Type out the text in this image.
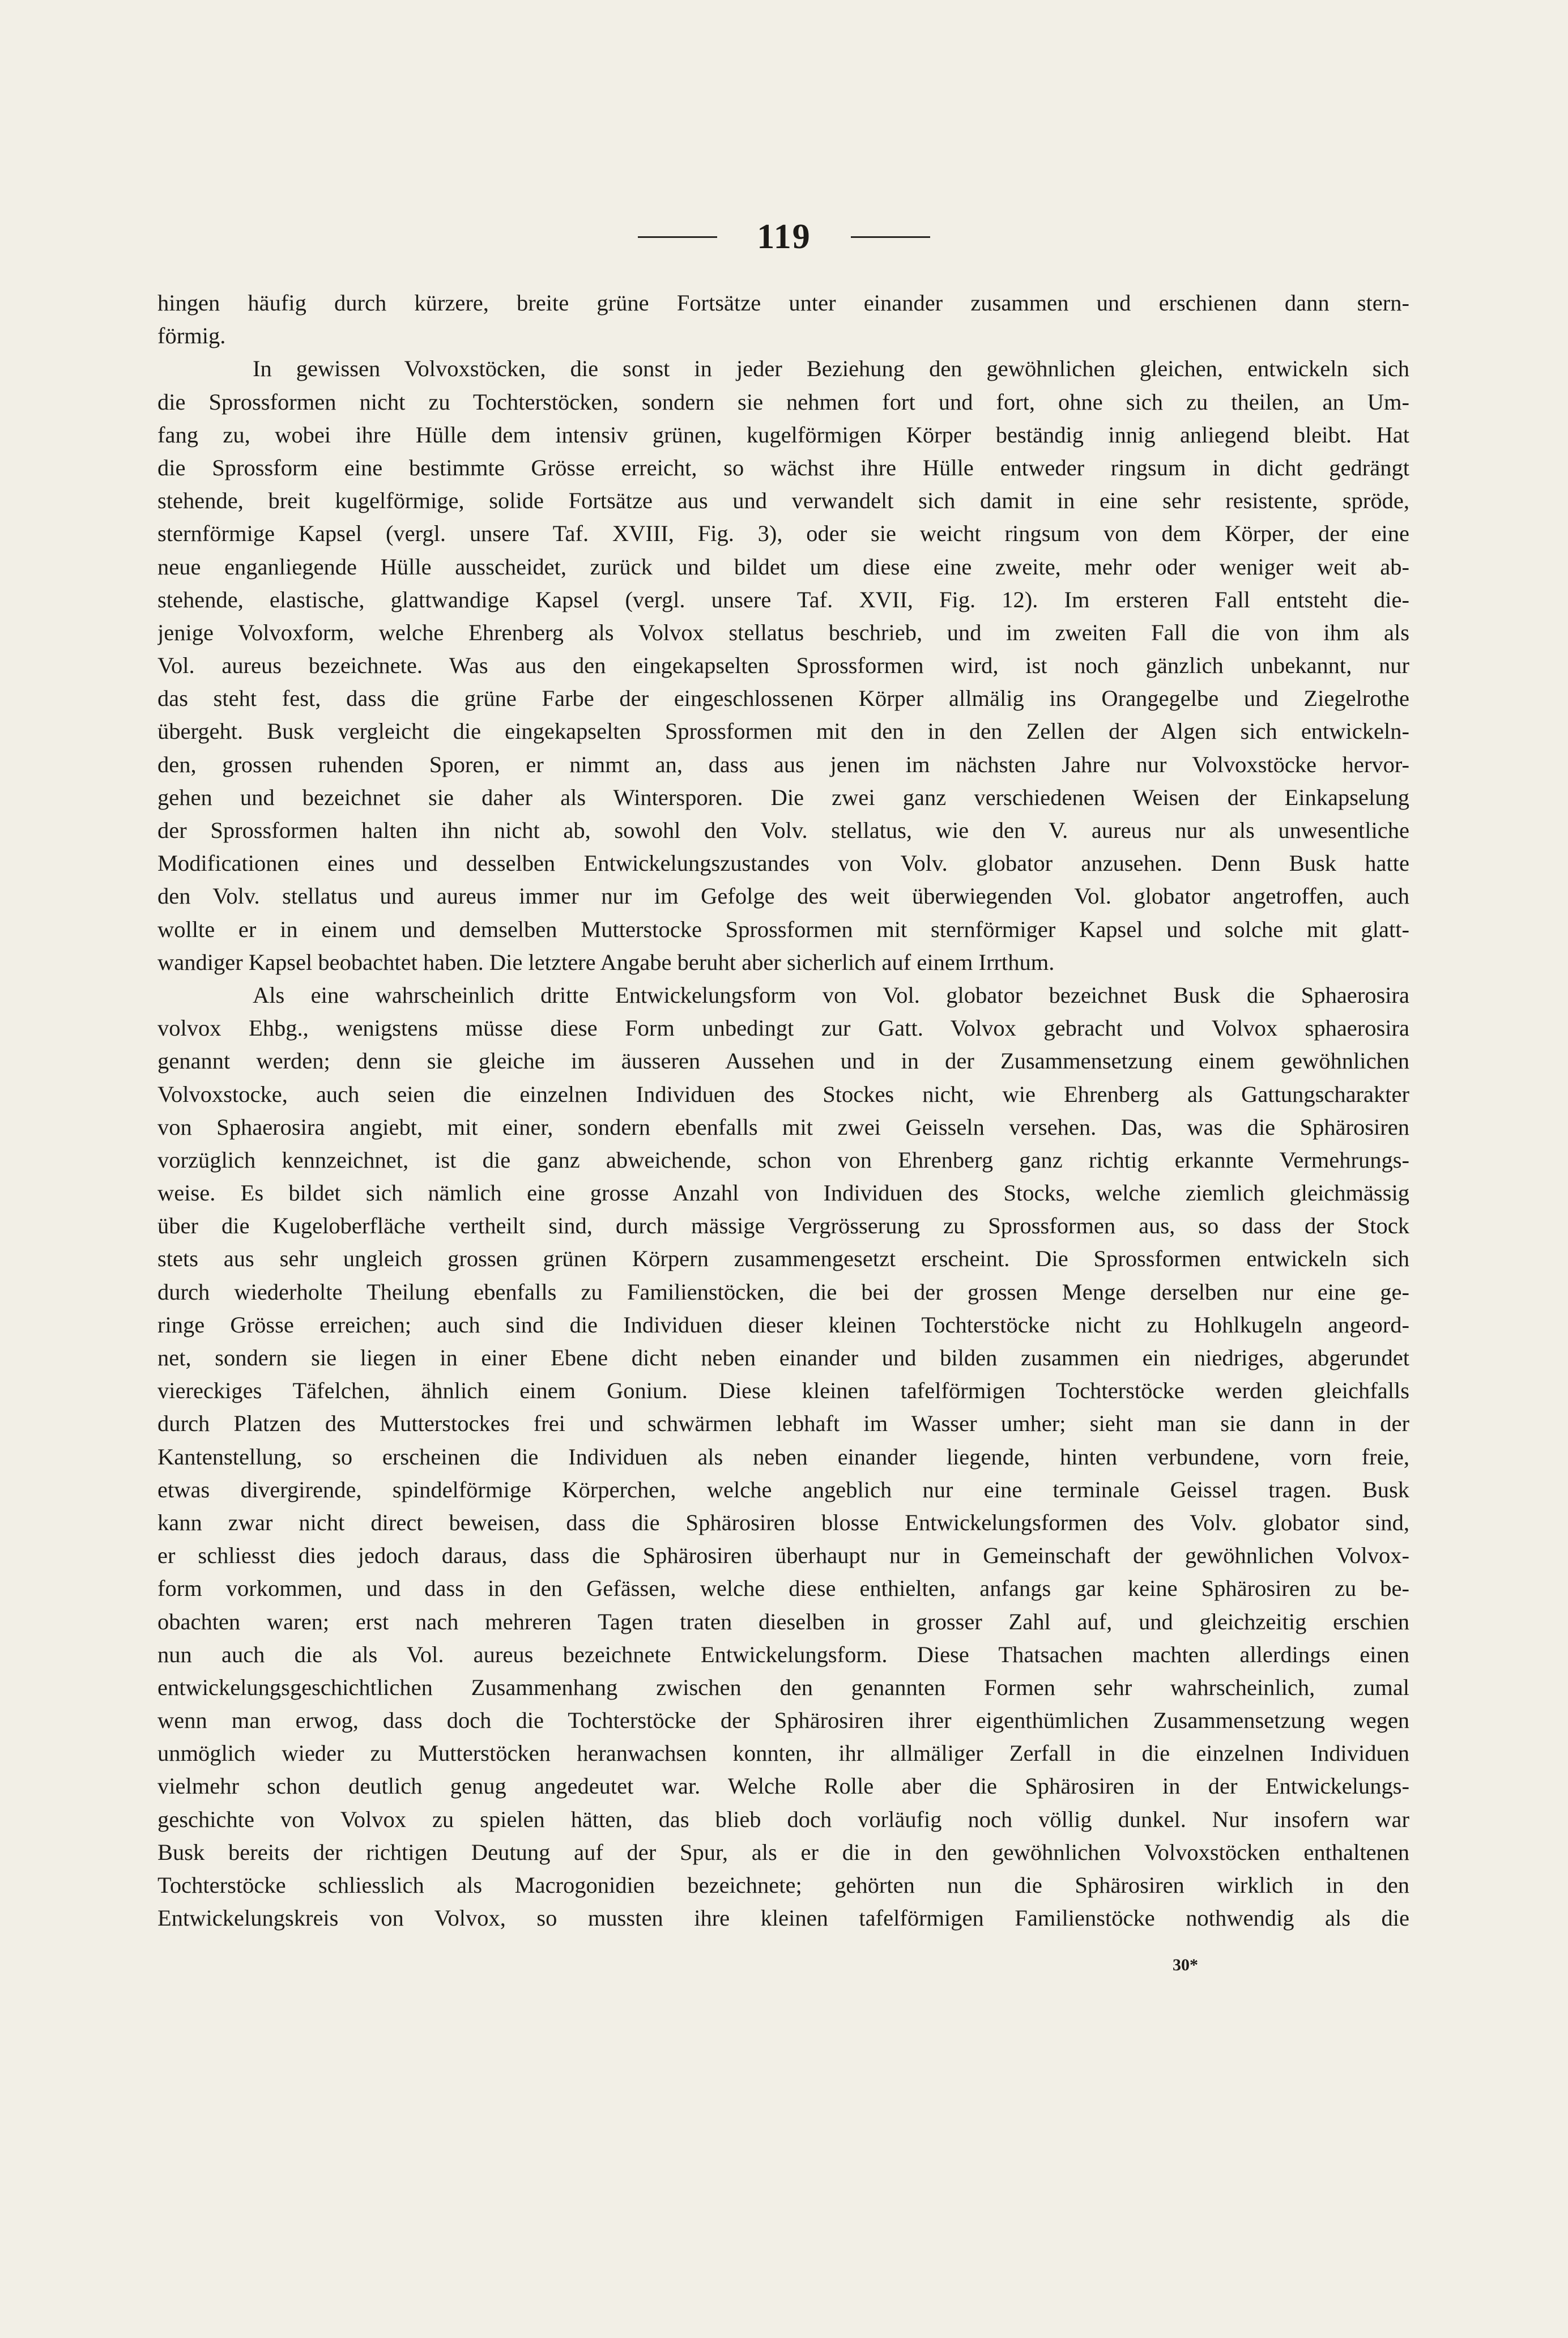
119
hingen häufig durch kürzere, breite grüne Fortsätze unter einander zusammen und erschienen dann stern-
förmig.
In gewissen Volvoxstöcken, die sonst in jeder Beziehung den gewöhnlichen gleichen, entwickeln sich
die Sprossformen nicht zu Tochterstöcken, sondern sie nehmen fort und fort, ohne sich zu theilen, an Um-
fang zu, wobei ihre Hülle dem intensiv grünen, kugelförmigen Körper beständig innig anliegend bleibt. Hat
die Sprossform eine bestimmte Grösse erreicht, so wächst ihre Hülle entweder ringsum in dicht gedrängt
stehende, breit kugelförmige, solide Fortsätze aus und verwandelt sich damit in eine sehr resistente, spröde,
sternförmige Kapsel (vergl. unsere Taf. XVIII, Fig. 3), oder sie weicht ringsum von dem Körper, der eine
neue enganliegende Hülle ausscheidet, zurück und bildet um diese eine zweite, mehr oder weniger weit ab-
stehende, elastische, glattwandige Kapsel (vergl. unsere Taf. XVII, Fig. 12). Im ersteren Fall entsteht die-
jenige Volvoxform, welche Ehrenberg als Volvox stellatus beschrieb, und im zweiten Fall die von ihm als
Vol. aureus bezeichnete. Was aus den eingekapselten Sprossformen wird, ist noch gänzlich unbekannt, nur
das steht fest, dass die grüne Farbe der eingeschlossenen Körper allmälig ins Orangegelbe und Ziegelrothe
übergeht. Busk vergleicht die eingekapselten Sprossformen mit den in den Zellen der Algen sich entwickeln-
den, grossen ruhenden Sporen, er nimmt an, dass aus jenen im nächsten Jahre nur Volvoxstöcke hervor-
gehen und bezeichnet sie daher als Wintersporen. Die zwei ganz verschiedenen Weisen der Einkapselung
der Sprossformen halten ihn nicht ab, sowohl den Volv. stellatus, wie den V. aureus nur als unwesentliche
Modificationen eines und desselben Entwickelungszustandes von Volv. globator anzusehen. Denn Busk hatte
den Volv. stellatus und aureus immer nur im Gefolge des weit überwiegenden Vol. globator angetroffen, auch
wollte er in einem und demselben Mutterstocke Sprossformen mit sternförmiger Kapsel und solche mit glatt-
wandiger Kapsel beobachtet haben. Die letztere Angabe beruht aber sicherlich auf einem Irrthum.
Als eine wahrscheinlich dritte Entwickelungsform von Vol. globator bezeichnet Busk die Sphaerosira
volvox Ehbg., wenigstens müsse diese Form unbedingt zur Gatt. Volvox gebracht und Volvox sphaerosira
genannt werden; denn sie gleiche im äusseren Aussehen und in der Zusammensetzung einem gewöhnlichen
Volvoxstocke, auch seien die einzelnen Individuen des Stockes nicht, wie Ehrenberg als Gattungscharakter
von Sphaerosira angiebt, mit einer, sondern ebenfalls mit zwei Geisseln versehen. Das, was die Sphärosiren
vorzüglich kennzeichnet, ist die ganz abweichende, schon von Ehrenberg ganz richtig erkannte Vermehrungs-
weise. Es bildet sich nämlich eine grosse Anzahl von Individuen des Stocks, welche ziemlich gleichmässig
über die Kugeloberfläche vertheilt sind, durch mässige Vergrösserung zu Sprossformen aus, so dass der Stock
stets aus sehr ungleich grossen grünen Körpern zusammengesetzt erscheint. Die Sprossformen entwickeln sich
durch wiederholte Theilung ebenfalls zu Familienstöcken, die bei der grossen Menge derselben nur eine ge-
ringe Grösse erreichen; auch sind die Individuen dieser kleinen Tochterstöcke nicht zu Hohlkugeln angeord-
net, sondern sie liegen in einer Ebene dicht neben einander und bilden zusammen ein niedriges, abgerundet
viereckiges Täfelchen, ähnlich einem Gonium. Diese kleinen tafelförmigen Tochterstöcke werden gleichfalls
durch Platzen des Mutterstockes frei und schwärmen lebhaft im Wasser umher; sieht man sie dann in der
Kantenstellung, so erscheinen die Individuen als neben einander liegende, hinten verbundene, vorn freie,
etwas divergirende, spindelförmige Körperchen, welche angeblich nur eine terminale Geissel tragen. Busk
kann zwar nicht direct beweisen, dass die Sphärosiren blosse Entwickelungsformen des Volv. globator sind,
er schliesst dies jedoch daraus, dass die Sphärosiren überhaupt nur in Gemeinschaft der gewöhnlichen Volvox-
form vorkommen, und dass in den Gefässen, welche diese enthielten, anfangs gar keine Sphärosiren zu be-
obachten waren; erst nach mehreren Tagen traten dieselben in grosser Zahl auf, und gleichzeitig erschien
nun auch die als Vol. aureus bezeichnete Entwickelungsform. Diese Thatsachen machten allerdings einen
entwickelungsgeschichtlichen Zusammenhang zwischen den genannten Formen sehr wahrscheinlich, zumal
wenn man erwog, dass doch die Tochterstöcke der Sphärosiren ihrer eigenthümlichen Zusammensetzung wegen
unmöglich wieder zu Mutterstöcken heranwachsen konnten, ihr allmäliger Zerfall in die einzelnen Individuen
vielmehr schon deutlich genug angedeutet war. Welche Rolle aber die Sphärosiren in der Entwickelungs-
geschichte von Volvox zu spielen hätten, das blieb doch vorläufig noch völlig dunkel. Nur insofern war
Busk bereits der richtigen Deutung auf der Spur, als er die in den gewöhnlichen Volvoxstöcken enthaltenen
Tochterstöcke schliesslich als Macrogonidien bezeichnete; gehörten nun die Sphärosiren wirklich in den
Entwickelungskreis von Volvox, so mussten ihre kleinen tafelförmigen Familienstöcke nothwendig als die
30*
